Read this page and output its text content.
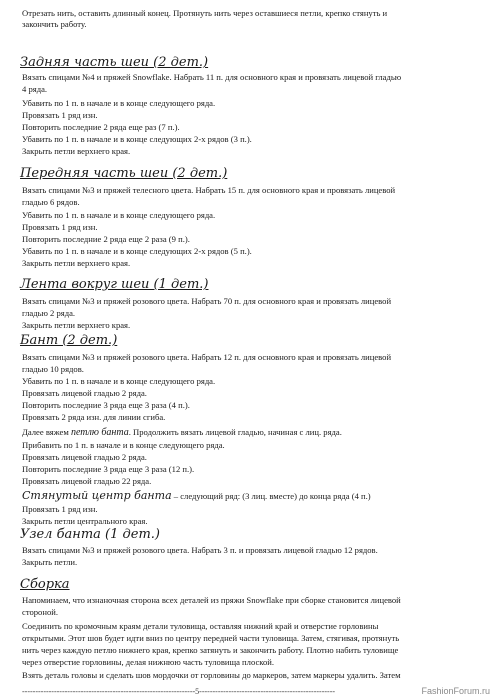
Отрезать нить, оставить длинный конец. Протянуть нить через оставшиеся петли, крепко стянуть и
закончить работу.
Задняя часть шеи (2 дет.)
Вязать спицами №4 и пряжей Snowflake. Набрать 11 п. для основного края и провязать лицевой гладью
4 ряда.
Убавить по 1 п. в начале и в конце следующего ряда.
Провязать 1 ряд изн.
Повторить последние 2 ряда еще раз (7 п.).
Убавить по 1 п. в начале и в конце следующих 2-х рядов (3 п.).
Закрыть петли верхнего края.
Передняя часть шеи (2 дет.)
Вязать спицами №3 и пряжей телесного цвета. Набрать 15 п. для основного края и провязать лицевой
гладью 6 рядов.
Убавить по 1 п. в начале и в конце следующего ряда.
Провязать 1 ряд изн.
Повторить последние 2 ряда еще 2 раза (9 п.).
Убавить по 1 п. в начале и в конце следующих 2-х рядов (5 п.).
Закрыть петли верхнего края.
Лента вокруг шеи (1 дет.)
Вязать спицами №3 и пряжей розового цвета. Набрать 70 п. для основного края и провязать лицевой
гладью 2 ряда.
Закрыть петли верхнего края.
Бант (2 дет.)
Вязать спицами №3 и пряжей розового цвета. Набрать 12 п. для основного края и провязать лицевой
гладью 10 рядов.
Убавить по 1 п. в начале и в конце следующего ряда.
Провязать лицевой гладью 2 ряда.
Повторить последние 3 ряда еще 3 раза (4 п.).
Провязать 2 ряда изн. для линии сгиба.
Далее вяжем петлю банта. Продолжить вязать лицевой гладью, начиная с лиц. ряда.
Прибавить по 1 п. в начале и в конце следующего ряда.
Провязать лицевой гладью 2 ряда.
Повторить последние 3 ряда еще 3 раза (12 п.).
Провязать лицевой гладью 22 ряда.
Стянутый центр банта – следующий ряд: (3 лиц. вместе) до конца ряда (4 п.)
Провязать 1 ряд изн.
Закрыть петли центрального края.
Узел банта (1 дет.)
Вязать спицами №3 и пряжей розового цвета. Набрать 3 п. и провязать лицевой гладью 12 рядов.
Закрыть петли.
Сборка
Напоминаем, что изнаночная сторона всех деталей из пряжи Snowflake при сборке становится лицевой
стороной.
Соединить по кромочным краям детали туловища, оставляя нижний край и отверстие горловины
открытыми. Этот шов будет идти вниз по центру передней части туловища. Затем, стягивая, протянуть
нить через каждую петлю нижнего края, крепко затянуть и закончить работу. Плотно набить туловище
через отверстие горловины, делая нижнюю часть туловища плоской.
Взять деталь головы и сделать шов мордочки от горловины до маркеров, затем маркеры удалить. Затем
-----------------------------------------------------------------5---------------------------------------------------	FashionForum.ru
